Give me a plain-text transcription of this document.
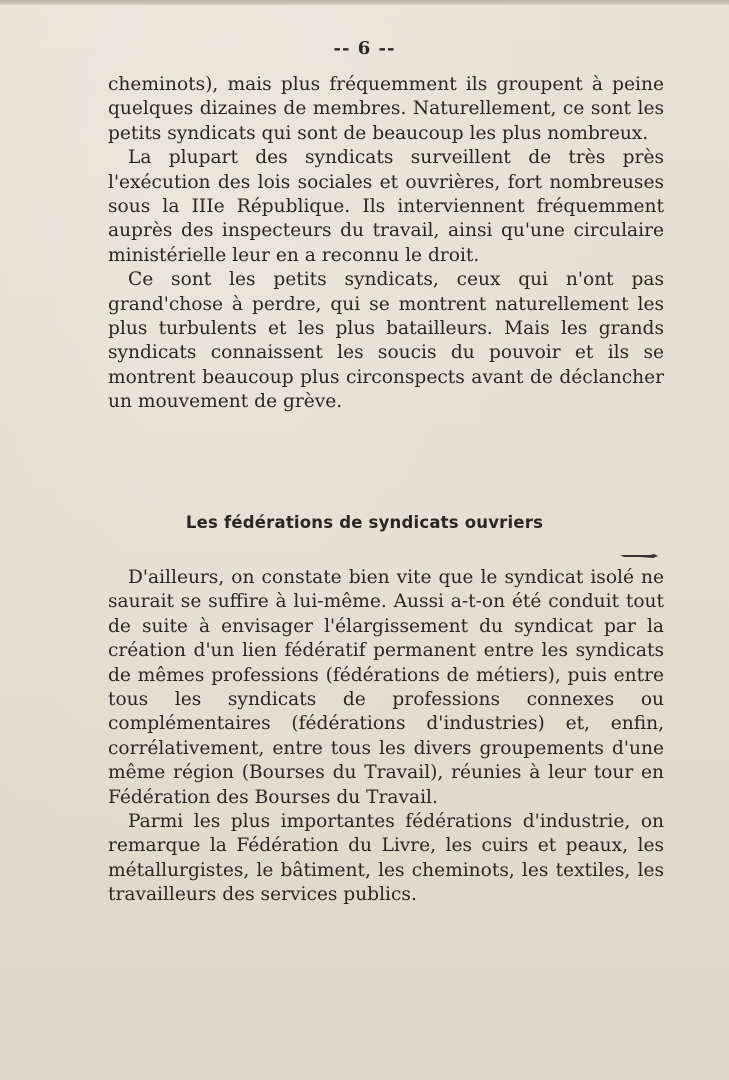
-- 6 --

cheminots), mais plus fréquemment ils groupent à peine quelques dizaines de membres. Naturellement, ce sont les petits syndicats qui sont de beaucoup les plus nombreux.

La plupart des syndicats surveillent de très près l'exécution des lois sociales et ouvrières, fort nombreuses sous la IIIe République. Ils interviennent fréquemment auprès des inspecteurs du travail, ainsi qu'une circulaire ministérielle leur en a reconnu le droit.

Ce sont les petits syndicats, ceux qui n'ont pas grand'chose à perdre, qui se montrent naturellement les plus turbulents et les plus batailleurs. Mais les grands syndicats connaissent les soucis du pouvoir et ils se montrent beaucoup plus circonspects avant de déclancher un mouvement de grève.

Les fédérations de syndicats ouvriers

D'ailleurs, on constate bien vite que le syndicat isolé ne saurait se suffire à lui-même. Aussi a-t-on été conduit tout de suite à envisager l'élargissement du syndicat par la création d'un lien fédératif permanent entre les syndicats de mêmes professions (fédérations de métiers), puis entre tous les syndicats de professions connexes ou complémentaires (fédérations d'industries) et, enfin, corrélativement, entre tous les divers groupements d'une même région (Bourses du Travail), réunies à leur tour en Fédération des Bourses du Travail.

Parmi les plus importantes fédérations d'industrie, on remarque la Fédération du Livre, les cuirs et peaux, les métallurgistes, le bâtiment, les cheminots, les textiles, les travailleurs des services publics.
